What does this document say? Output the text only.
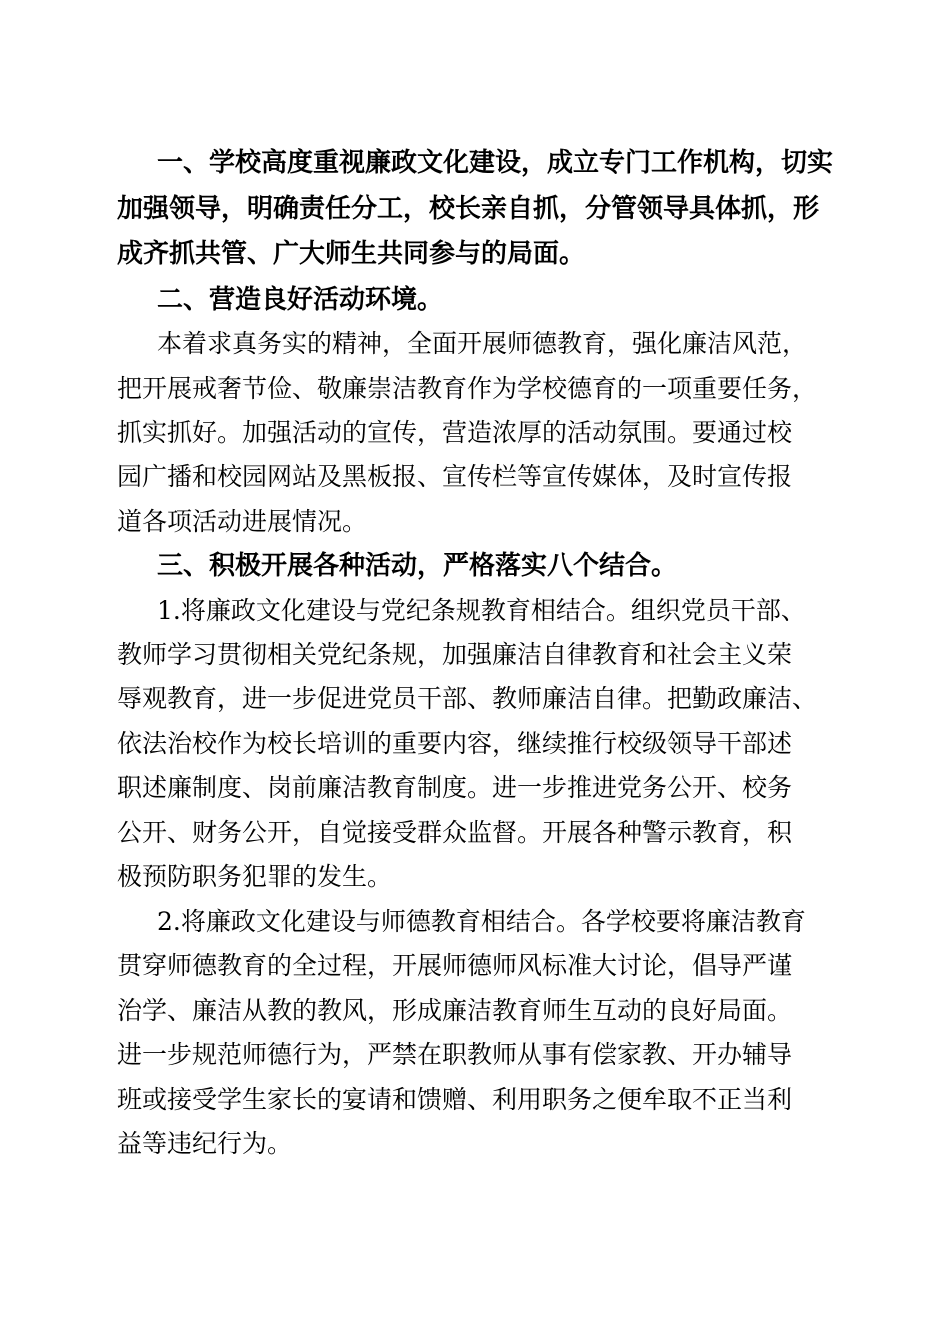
一、学校高度重视廉政文化建设，成立专门工作机构，切实
加强领导，明确责任分工，校长亲自抓，分管领导具体抓，形
成齐抓共管、广大师生共同参与的局面。
二、营造良好活动环境。
本着求真务实的精神，全面开展师德教育，强化廉洁风范，
把开展戒奢节俭、敬廉崇洁教育作为学校德育的一项重要任务，
抓实抓好。加强活动的宣传，营造浓厚的活动氛围。要通过校
园广播和校园网站及黑板报、宣传栏等宣传媒体，及时宣传报
道各项活动进展情况。
三、积极开展各种活动，严格落实八个结合。
1.将廉政文化建设与党纪条规教育相结合。组织党员干部、
教师学习贯彻相关党纪条规，加强廉洁自律教育和社会主义荣
辱观教育，进一步促进党员干部、教师廉洁自律。把勤政廉洁、
依法治校作为校长培训的重要内容，继续推行校级领导干部述
职述廉制度、岗前廉洁教育制度。进一步推进党务公开、校务
公开、财务公开，自觉接受群众监督。开展各种警示教育，积
极预防职务犯罪的发生。
2.将廉政文化建设与师德教育相结合。各学校要将廉洁教育
贯穿师德教育的全过程，开展师德师风标准大讨论，倡导严谨
治学、廉洁从教的教风，形成廉洁教育师生互动的良好局面。
进一步规范师德行为，严禁在职教师从事有偿家教、开办辅导
班或接受学生家长的宴请和馈赠、利用职务之便牟取不正当利
益等违纪行为。
